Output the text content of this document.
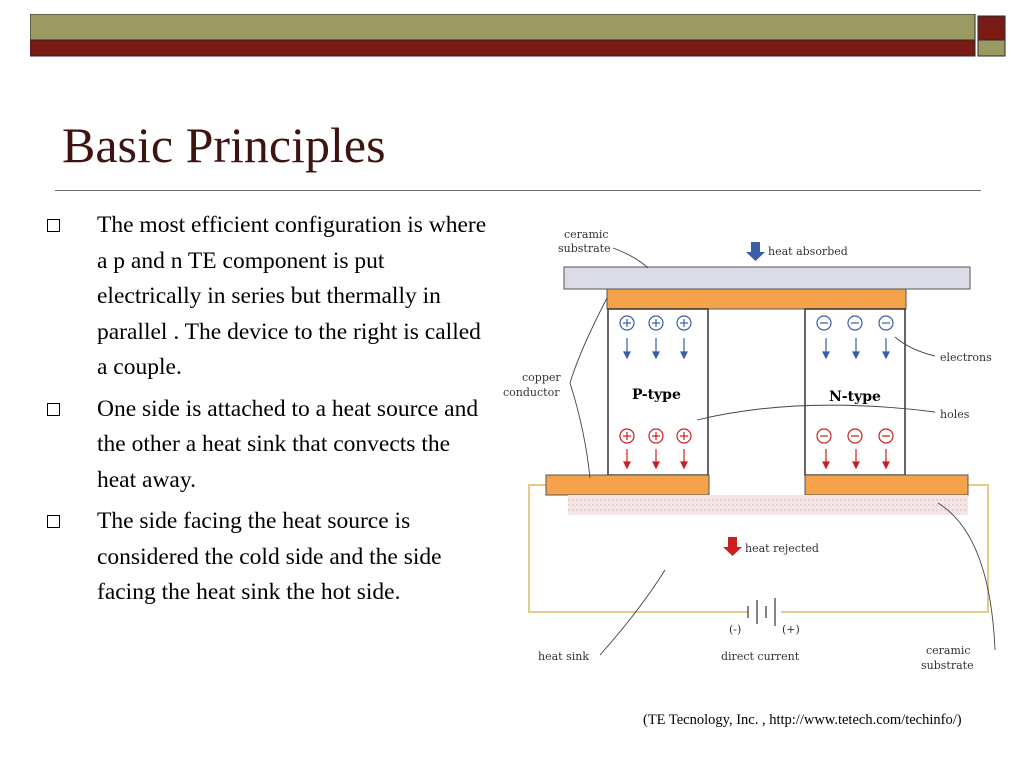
Basic Principles
The most efficient configuration is where a p and n TE component is put electrically in series but thermally in parallel . The device to the right is called a couple.
One side is attached to a heat source and the other a heat sink that convects the heat away.
The side facing the heat source is considered the cold side and the side facing the heat sink the hot side.
ceramic
substrate	heat absorbed
copper
conductor
electrons
holes
heat rejected
heat sink
(-)	(+)
direct current	ceramic
substrate
P-type	N-type
(TE Tecnology, Inc. , http://www.tetech.com/techinfo/)
